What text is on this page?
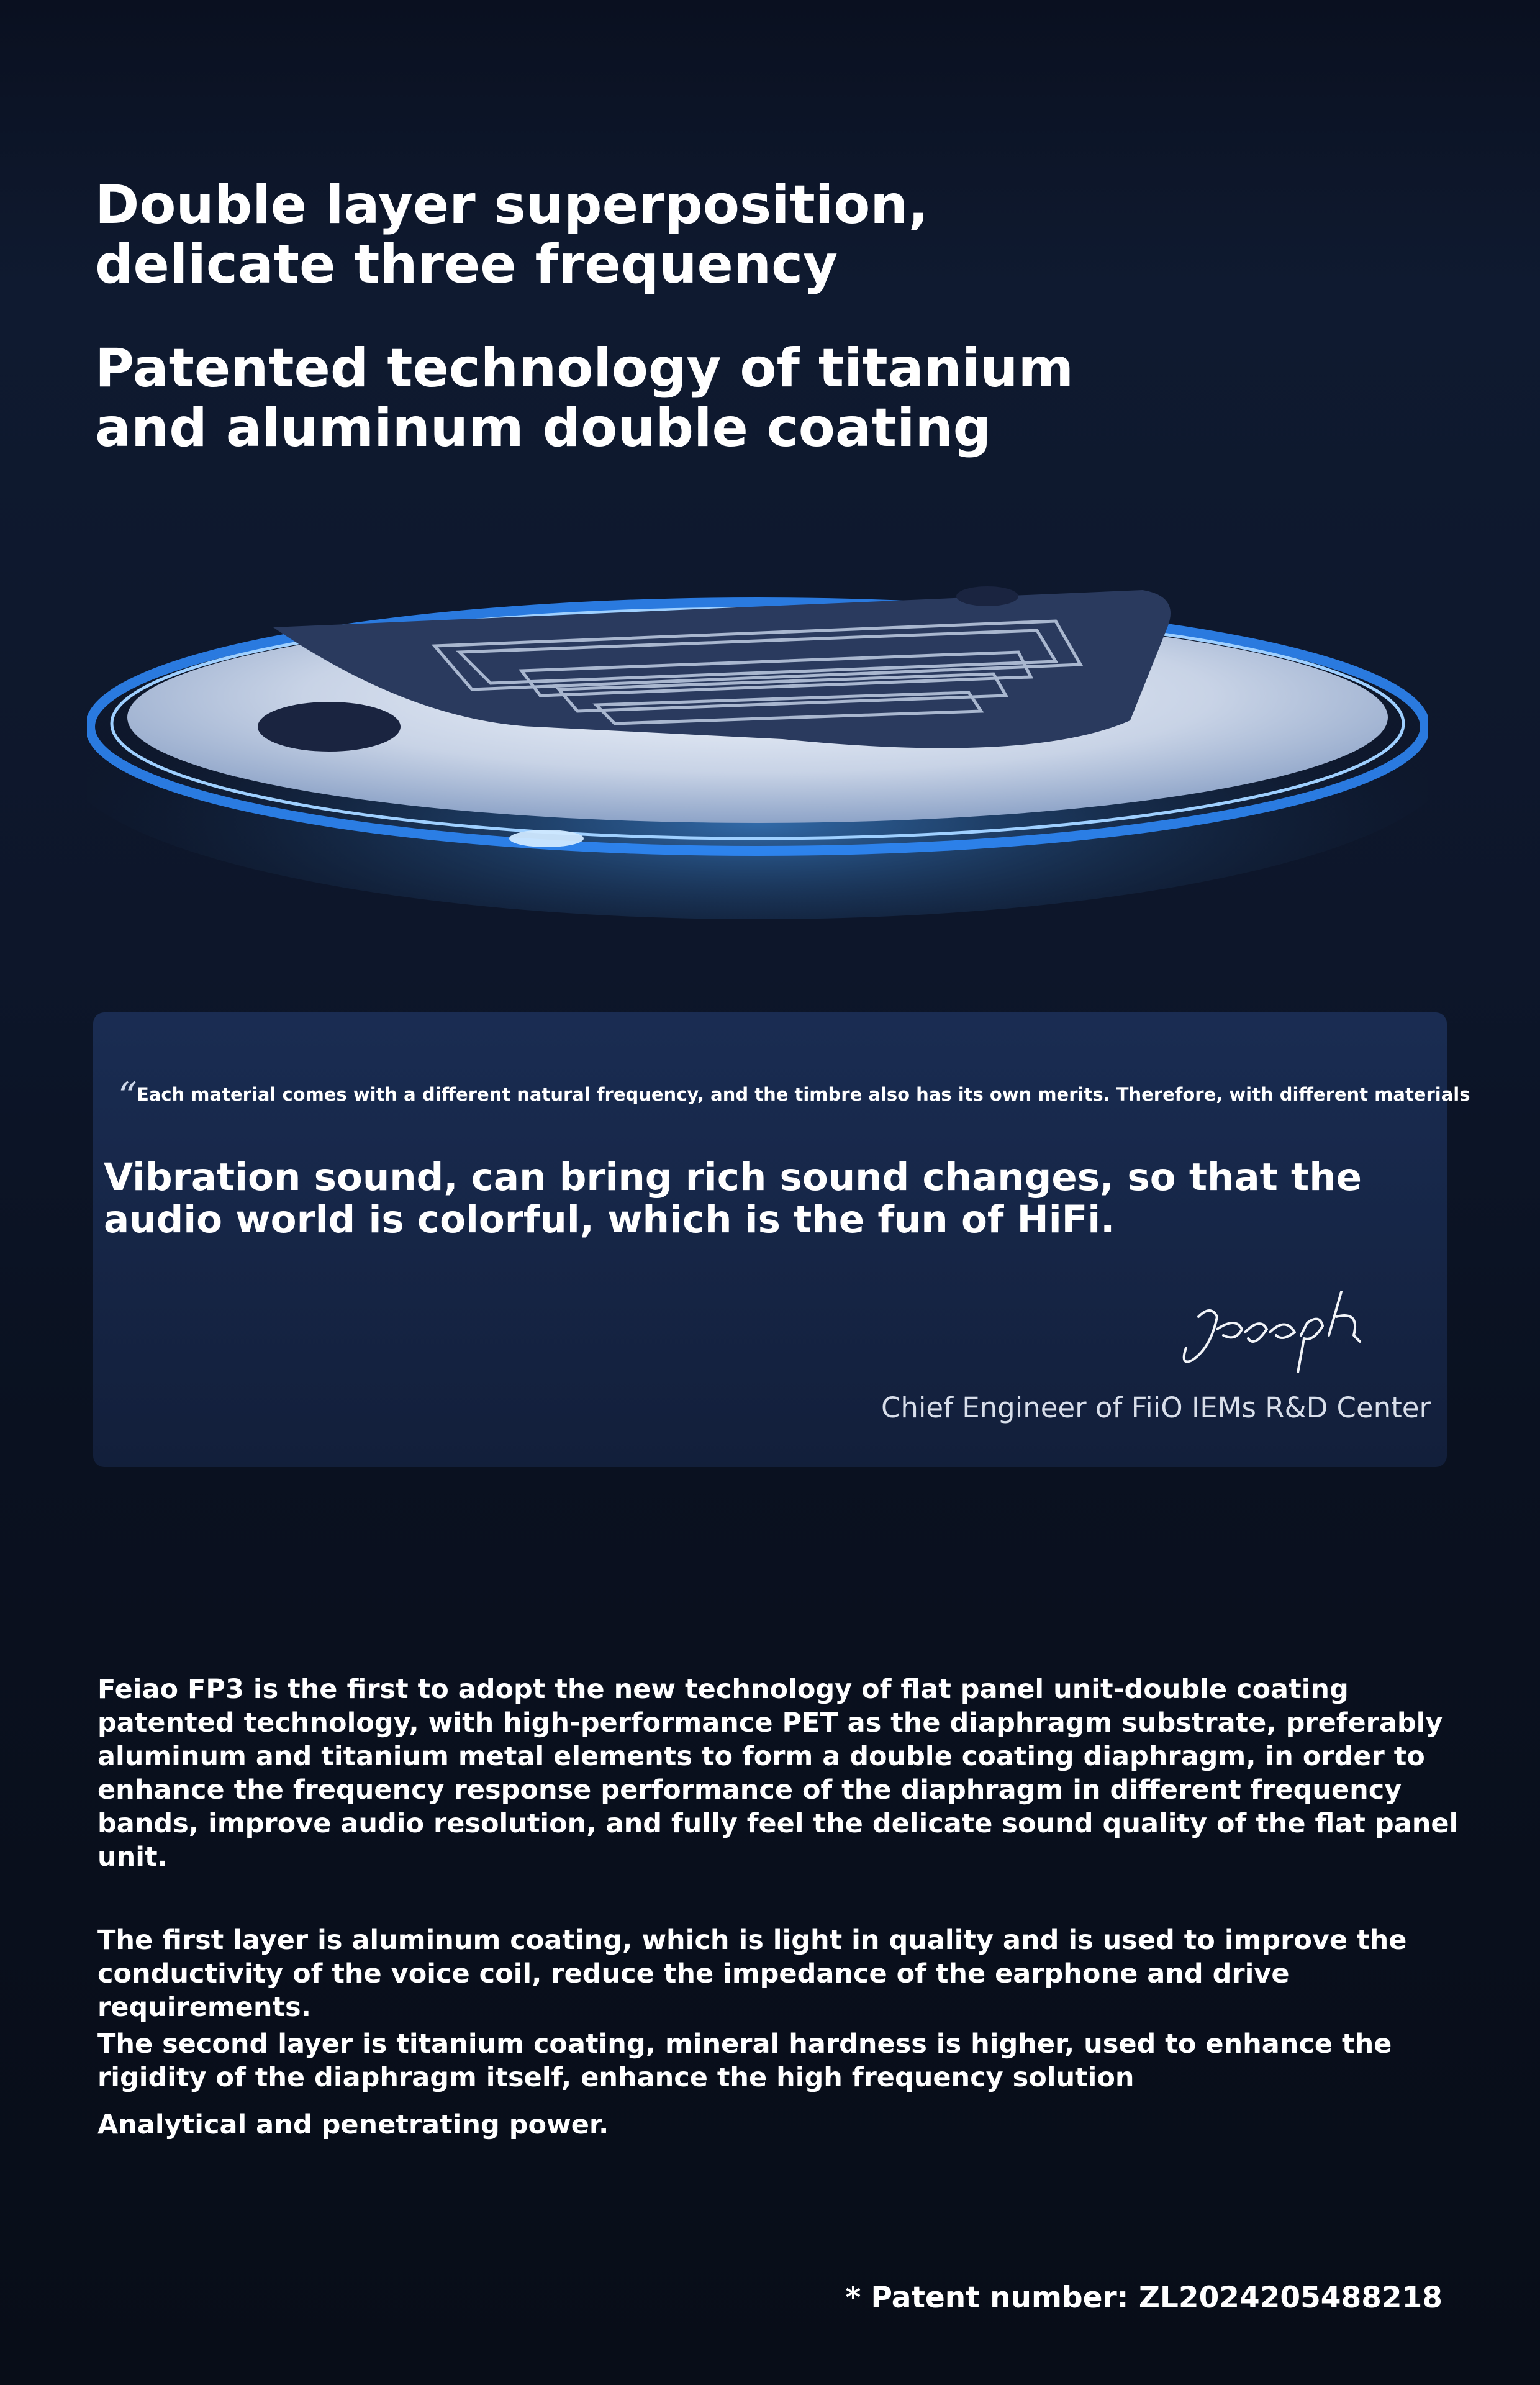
Double layer superposition, delicate three frequency
Patented technology of titanium and aluminum double coating
“ Each material comes with a different natural frequency, and the timbre also has its own merits. Therefore, with different materials

Vibration sound, can bring rich sound changes, so that the audio world is colorful, which is the fun of HiFi.

Chief Engineer of FiiO IEMs R&D Center

Feiao FP3 is the first to adopt the new technology of flat panel unit-double coating patented technology, with high-performance PET as the diaphragm substrate, preferably aluminum and titanium metal elements to form a double coating diaphragm, in order to enhance the frequency response performance of the diaphragm in different frequency bands, improve audio resolution, and fully feel the delicate sound quality of the flat panel unit.

The first layer is aluminum coating, which is light in quality and is used to improve the conductivity of the voice coil, reduce the impedance of the earphone and drive requirements.

The second layer is titanium coating, mineral hardness is higher, used to enhance the rigidity of the diaphragm itself, enhance the high frequency solution

Analytical and penetrating power.

* Patent number: ZL2024205488218
